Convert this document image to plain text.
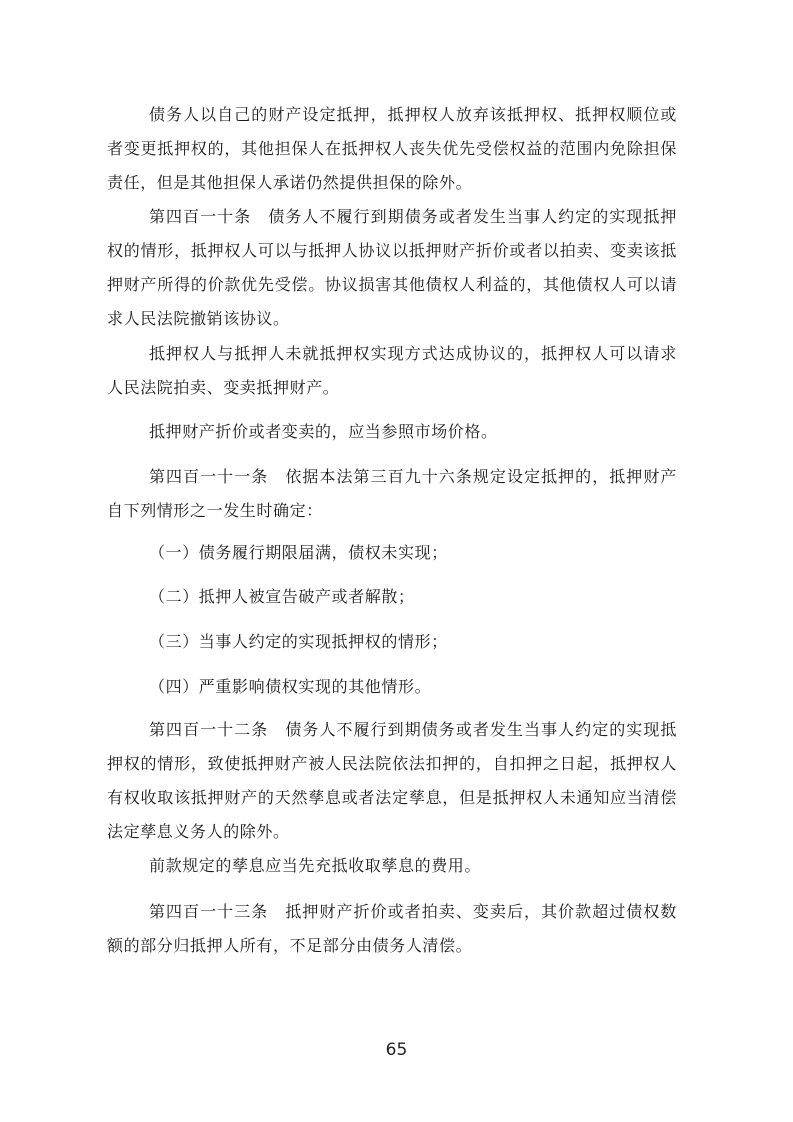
债务人以自己的财产设定抵押，抵押权人放弃该抵押权、抵押权顺位或者变更抵押权的，其他担保人在抵押权人丧失优先受偿权益的范围内免除担保责任，但是其他担保人承诺仍然提供担保的除外。

第四百一十条　债务人不履行到期债务或者发生当事人约定的实现抵押权的情形，抵押权人可以与抵押人协议以抵押财产折价或者以拍卖、变卖该抵押财产所得的价款优先受偿。协议损害其他债权人利益的，其他债权人可以请求人民法院撤销该协议。

抵押权人与抵押人未就抵押权实现方式达成协议的，抵押权人可以请求人民法院拍卖、变卖抵押财产。

抵押财产折价或者变卖的，应当参照市场价格。

第四百一十一条　依据本法第三百九十六条规定设定抵押的，抵押财产自下列情形之一发生时确定：

（一）债务履行期限届满，债权未实现；

（二）抵押人被宣告破产或者解散；

（三）当事人约定的实现抵押权的情形；

（四）严重影响债权实现的其他情形。

第四百一十二条　债务人不履行到期债务或者发生当事人约定的实现抵押权的情形，致使抵押财产被人民法院依法扣押的，自扣押之日起，抵押权人有权收取该抵押财产的天然孳息或者法定孳息，但是抵押权人未通知应当清偿法定孳息义务人的除外。

前款规定的孳息应当先充抵收取孳息的费用。

第四百一十三条　抵押财产折价或者拍卖、变卖后，其价款超过债权数额的部分归抵押人所有，不足部分由债务人清偿。

65
